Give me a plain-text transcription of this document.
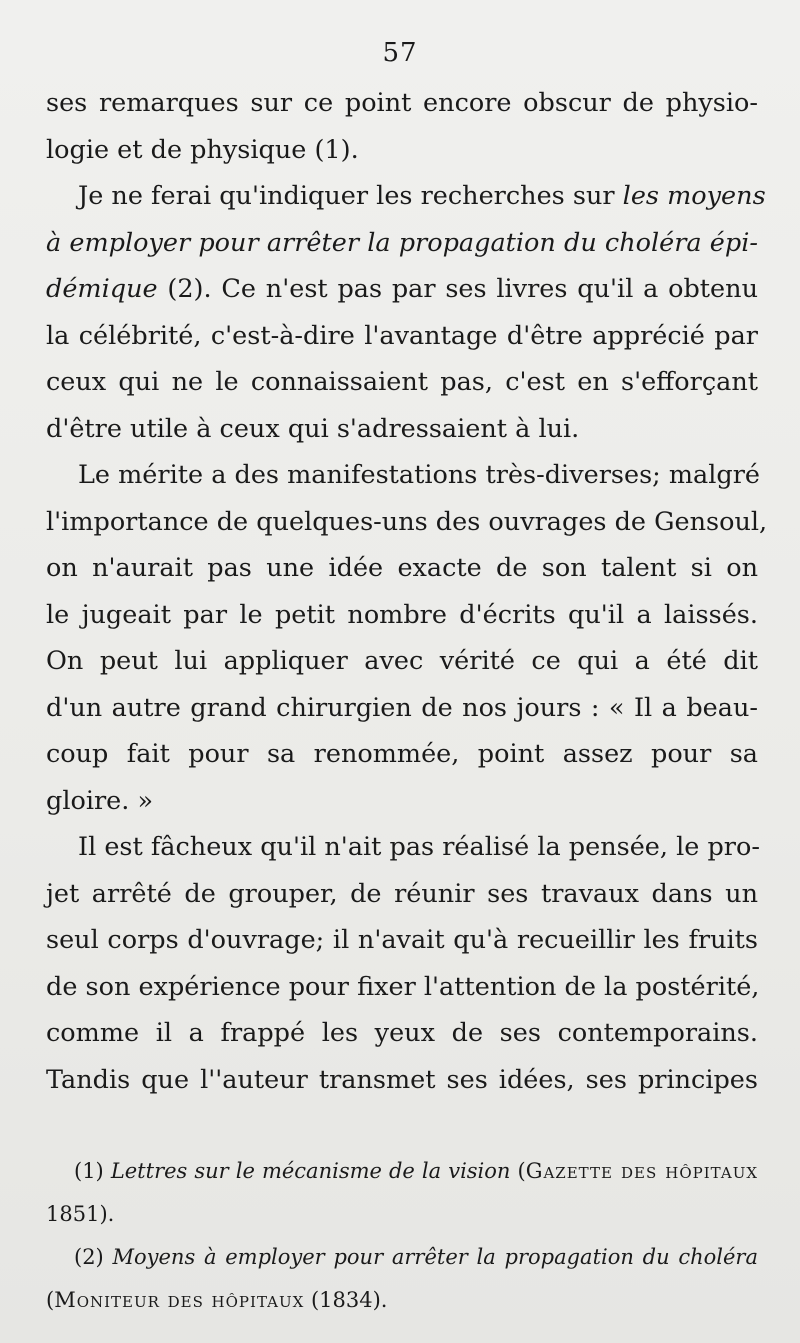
57
ses remarques sur ce point encore obscur de physio-
logie et de physique (1).
Je ne ferai qu'indiquer les recherches sur les moyens
à employer pour arrêter la propagation du choléra épi-
démique (2). Ce n'est pas par ses livres qu'il a obtenu
la célébrité, c'est-à-dire l'avantage d'être apprécié par
ceux qui ne le connaissaient pas, c'est en s'efforçant
d'être utile à ceux qui s'adressaient à lui.
Le mérite a des manifestations très-diverses; malgré
l'importance de quelques-uns des ouvrages de Gensoul,
on n'aurait pas une idée exacte de son talent si on
le jugeait par le petit nombre d'écrits qu'il a laissés.
On peut lui appliquer avec vérité ce qui a été dit
d'un autre grand chirurgien de nos jours : « Il a beau-
coup fait pour sa renommée, point assez pour sa
gloire. »
Il est fâcheux qu'il n'ait pas réalisé la pensée, le pro-
jet arrêté de grouper, de réunir ses travaux dans un
seul corps d'ouvrage; il n'avait qu'à recueillir les fruits
de son expérience pour fixer l'attention de la postérité,
comme il a frappé les yeux de ses contemporains.
Tandis que l''auteur transmet ses idées, ses principes
(1) Lettres sur le mécanisme de la vision (Gazette des hôpitaux
1851).
(2) Moyens à employer pour arrêter la propagation du choléra
(Moniteur des hôpitaux (1834).
